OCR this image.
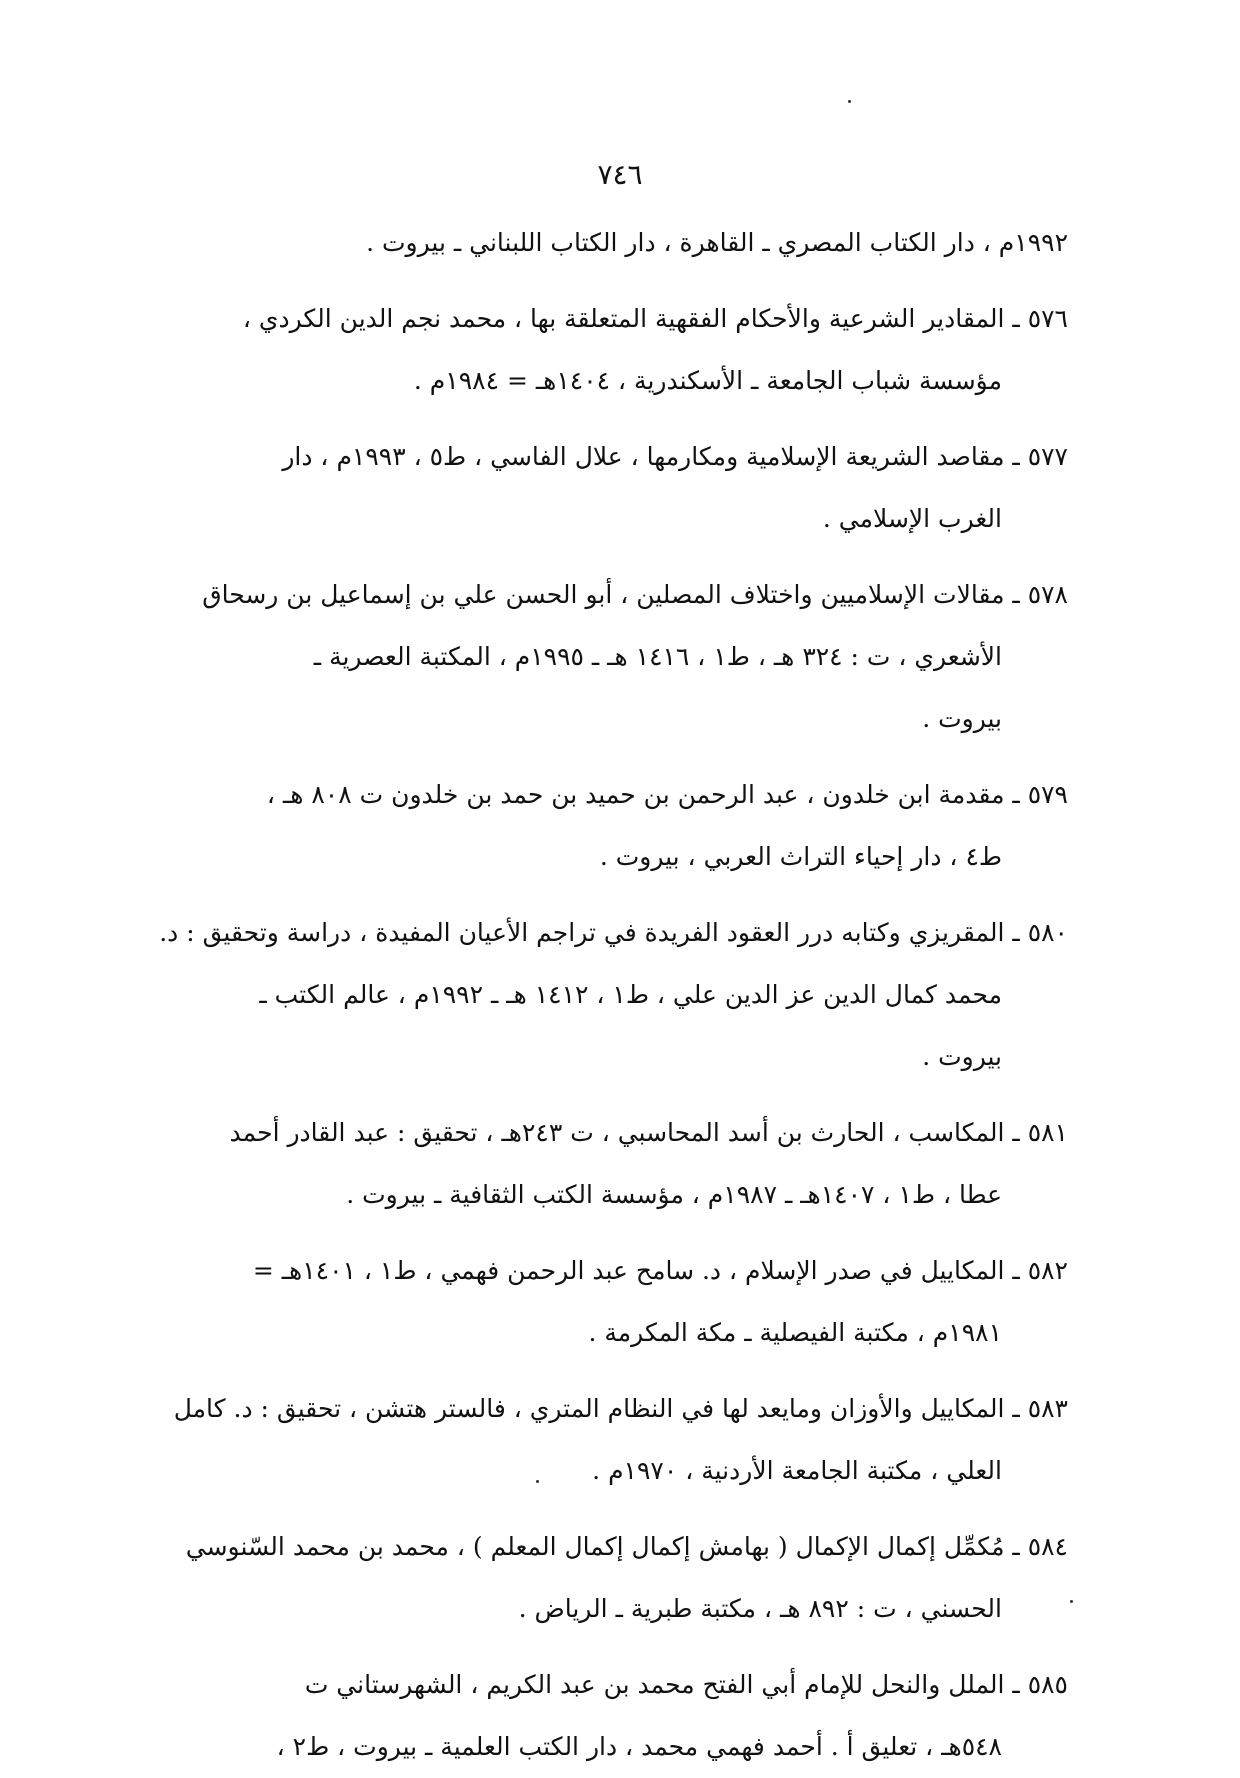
٧٤٦
١٩٩٢م ، دار الكتاب المصري ـ القاهرة ، دار الكتاب اللبناني ـ بيروت .
٥٧٦ ـ المقادير الشرعية والأحكام الفقهية المتعلقة بها ، محمد نجم الدين الكردي ،
مؤسسة شباب الجامعة ـ الأسكندرية ، ١٤٠٤هـ = ١٩٨٤م .
٥٧٧ ـ مقاصد الشريعة الإسلامية ومكارمها ، علال الفاسي ، ط٥ ، ١٩٩٣م ، دار
الغرب الإسلامي .
٥٧٨ ـ مقالات الإسلاميين واختلاف المصلين ، أبو الحسن علي بن إسماعيل بن رسحاق
الأشعري ، ت : ٣٢٤ هـ ، ط١ ، ١٤١٦ هـ ـ ١٩٩٥م ، المكتبة العصرية ـ
بيروت .
٥٧٩ ـ مقدمة ابن خلدون ، عبد الرحمن بن حميد بن حمد بن خلدون ت ٨٠٨ هـ ،
ط٤ ، دار إحياء التراث العربي ، بيروت .
٥٨٠ ـ المقريزي وكتابه درر العقود الفريدة في تراجم الأعيان المفيدة ، دراسة وتحقيق : د.
محمد كمال الدين عز الدين علي ، ط١ ، ١٤١٢ هـ ـ ١٩٩٢م ، عالم الكتب ـ
بيروت .
٥٨١ ـ المكاسب ، الحارث بن أسد المحاسبي ، ت ٢٤٣هـ ، تحقيق : عبد القادر أحمد
عطا ، ط١ ، ١٤٠٧هـ ـ ١٩٨٧م ، مؤسسة الكتب الثقافية ـ بيروت .
٥٨٢ ـ المكاييل في صدر الإسلام ، د. سامح عبد الرحمن فهمي ، ط١ ، ١٤٠١هـ =
١٩٨١م ، مكتبة الفيصلية ـ مكة المكرمة .
٥٨٣ ـ المكاييل والأوزان ومايعد لها في النظام المتري ، فالستر هتشن ، تحقيق : د. كامل
العلي ، مكتبة الجامعة الأردنية ، ١٩٧٠م .
٥٨٤ ـ مُكمِّل إكمال الإكمال ( بهامش إكمال إكمال المعلم ) ، محمد بن محمد السّنوسي
الحسني ، ت : ٨٩٢ هـ ، مكتبة طبرية ـ الرياض .
٥٨٥ ـ الملل والنحل للإمام أبي الفتح محمد بن عبد الكريم ، الشهرستاني ت
٥٤٨هـ ، تعليق أ . أحمد فهمي محمد ، دار الكتب العلمية ـ بيروت ، ط٢ ،
